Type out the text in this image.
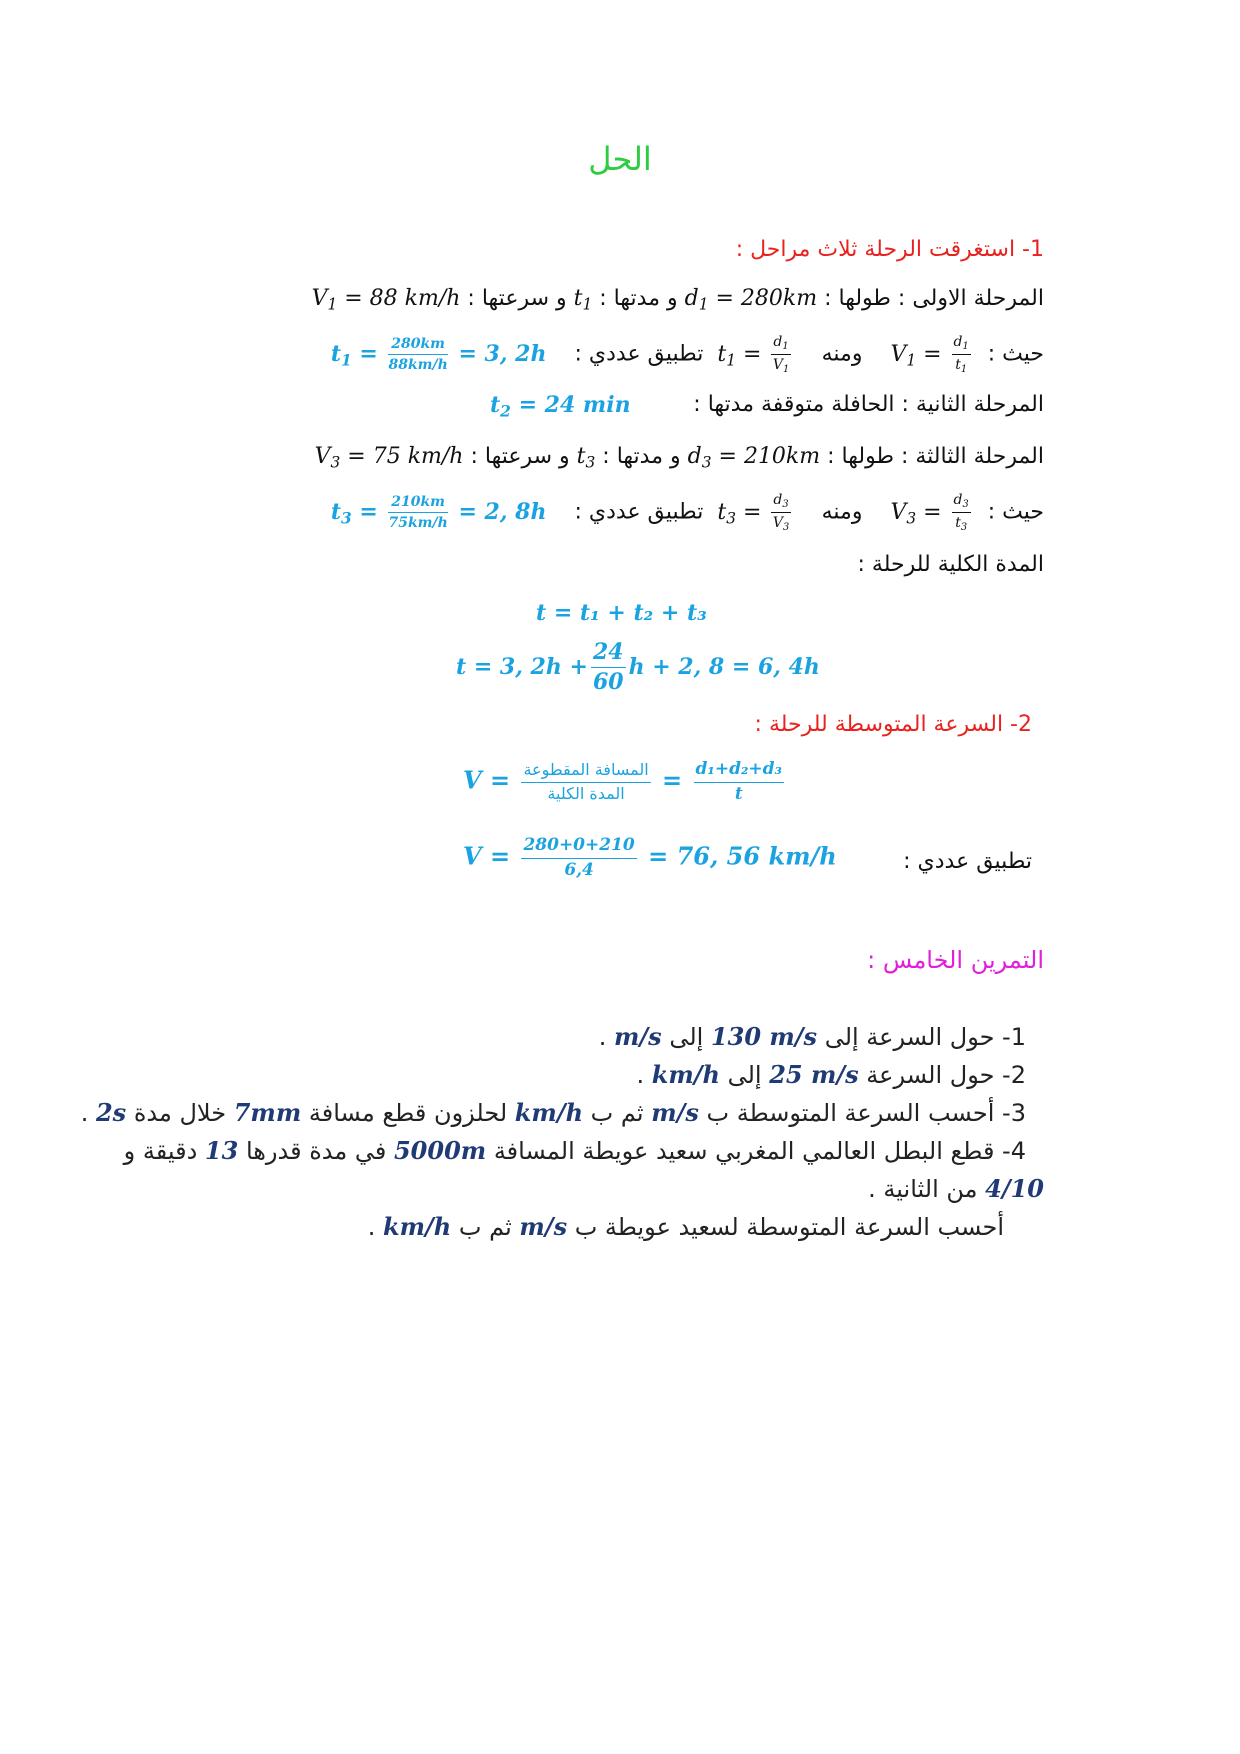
الحل
1- استغرقت الرحلة ثلاث مراحل :
المرحلة الاولى : طولها : $d_1 = 280km$ و مدتها : $t_1$ و سرعتها : $V_1 = 88$ km/h
حيث :  $V_1 = \frac{d_1}{t_1}$
ومنه    $t_1 = \frac{d_1}{V_1}$
تطبيق عددي :    $t_1 = \frac{280km}{88km/h} = 3$, 2h
المرحلة الثانية : الحافلة متوقفة مدتها :
$t_2 = 24$ min
المرحلة الثالثة : طولها : $d_3 = 210km$ و مدتها : $t_3$ و سرعتها : $V_3 = 75$ km/h
حيث :  $V_3 = \frac{d_3}{t_3}$
ومنه    $t_3 = \frac{d_3}{V_3}$
تطبيق عددي :    $t_3 = \frac{210km}{75km/h} = 2$, 8h
المدة الكلية للرحلة :
t = t₁ + t₂ + t₃
t = 3, $2h + \frac{24}{60}$ h + 2, 8 = 6, 4h
2- السرعة المتوسطة للرحلة :
$V = \frac{\text{المسافة المقطوعة}}{\text{المدة الكلية}} = \frac{\text{d₁+d₂+d₃}}{t}$
تطبيق عددي :
$V = \frac{280+0+210}{6,4} = 76$, 56 km/h
التمرين الخامس :
1- حول السرعة إلى 130 m/s إلى m/s .
2- حول السرعة 25 m/s إلى km/h .
3- أحسب السرعة المتوسطة ب m/s ثم ب km/h لحلزون قطع مسافة 7mm خلال مدة 2s .
4- قطع البطل العالمي المغربي سعيد عويطة المسافة 5000m في مدة قدرها 13 دقيقة و
4/10 من الثانية .
أحسب السرعة المتوسطة لسعيد عويطة ب m/s ثم ب km/h .
